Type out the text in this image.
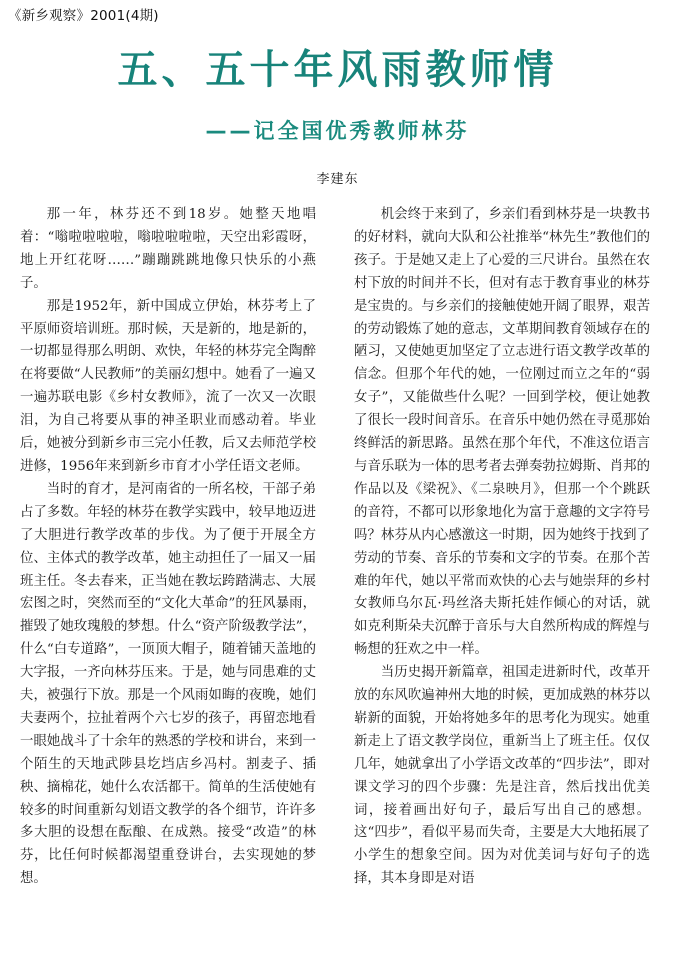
《新乡观察》2001(4期)
五、五十年风雨教师情
——记全国优秀教师林芬
李建东

那一年，林芬还不到18岁。她整天地唱着：“嗡啦啦啦啦，嗡啦啦啦啦，天空出彩霞呀，地上开红花呀……”蹦蹦跳跳地像只快乐的小燕子。

那是1952年，新中国成立伊始，林芬考上了平原师资培训班。那时候，天是新的，地是新的，一切都显得那么明朗、欢快，年轻的林芬完全陶醉在将要做“人民教师”的美丽幻想中。她看了一遍又一遍苏联电影《乡村女教师》，流了一次又一次眼泪，为自己将要从事的神圣职业而感动着。毕业后，她被分到新乡市三完小任教，后又去师范学校进修，1956年来到新乡市育才小学任语文老师。

当时的育才，是河南省的一所名校，干部子弟占了多数。年轻的林芬在教学实践中，较早地迈进了大胆进行教学改革的步伐。为了便于开展全方位、主体式的教学改革，她主动担任了一届又一届班主任。冬去春来，正当她在教坛跨踏满志、大展宏图之时，突然而至的“文化大革命”的狂风暴雨，摧毁了她玫瑰般的梦想。什么“资产阶级教学法”，什么“白专道路”，一顶顶大帽子，随着铺天盖地的大字报，一齐向林芬压来。于是，她与同患难的丈夫，被强行下放。那是一个风雨如晦的夜晚，她们夫妻两个，拉扯着两个六七岁的孩子，再留恋地看一眼她战斗了十余年的熟悉的学校和讲台，来到一个陌生的天地武陟县圪垱店乡冯村。割麦子、插秧、摘棉花，她什么农活都干。简单的生活使她有较多的时间重新勾划语文教学的各个细节，许许多多大胆的设想在酝酿、在成熟。接受“改造”的林芬，比任何时候都渴望重登讲台，去实现她的梦想。

机会终于来到了，乡亲们看到林芬是一块教书的好材料，就向大队和公社推举“林先生”教他们的孩子。于是她又走上了心爱的三尺讲台。虽然在农村下放的时间并不长，但对有志于教育事业的林芬是宝贵的。与乡亲们的接触使她开阔了眼界，艰苦的劳动锻炼了她的意志，文革期间教育领域存在的陋习，又使她更加坚定了立志进行语文教学改革的信念。但那个年代的她，一位刚过而立之年的“弱女子”，又能做些什么呢？一回到学校，便让她教了很长一段时间音乐。在音乐中她仍然在寻觅那始终鲜活的新思路。虽然在那个年代，不准这位语言与音乐联为一体的思考者去弹奏勃拉姆斯、肖邦的作品以及《梁祝》、《二泉映月》，但那一个个跳跃的音符，不都可以形象地化为富于意趣的文字符号吗？林芬从内心感激这一时期，因为她终于找到了劳动的节奏、音乐的节奏和文字的节奏。在那个苦难的年代，她以平常而欢快的心去与她崇拜的乡村女教师乌尔瓦·玛丝洛夫斯托娃作倾心的对话，就如克利斯朵夫沉醉于音乐与大自然所构成的辉煌与畅想的狂欢之中一样。

当历史揭开新篇章，祖国走进新时代，改革开放的东风吹遍神州大地的时候，更加成熟的林芬以崭新的面貌，开始将她多年的思考化为现实。她重新走上了语文教学岗位，重新当上了班主任。仅仅几年，她就拿出了小学语文改革的“四步法”，即对课文学习的四个步骤：先是注音，然后找出优美词，接着画出好句子，最后写出自己的感想。这“四步”，看似平易而失奇，主要是大大地拓展了小学生的想象空间。因为对优美词与好句子的选择，其本身即是对语
